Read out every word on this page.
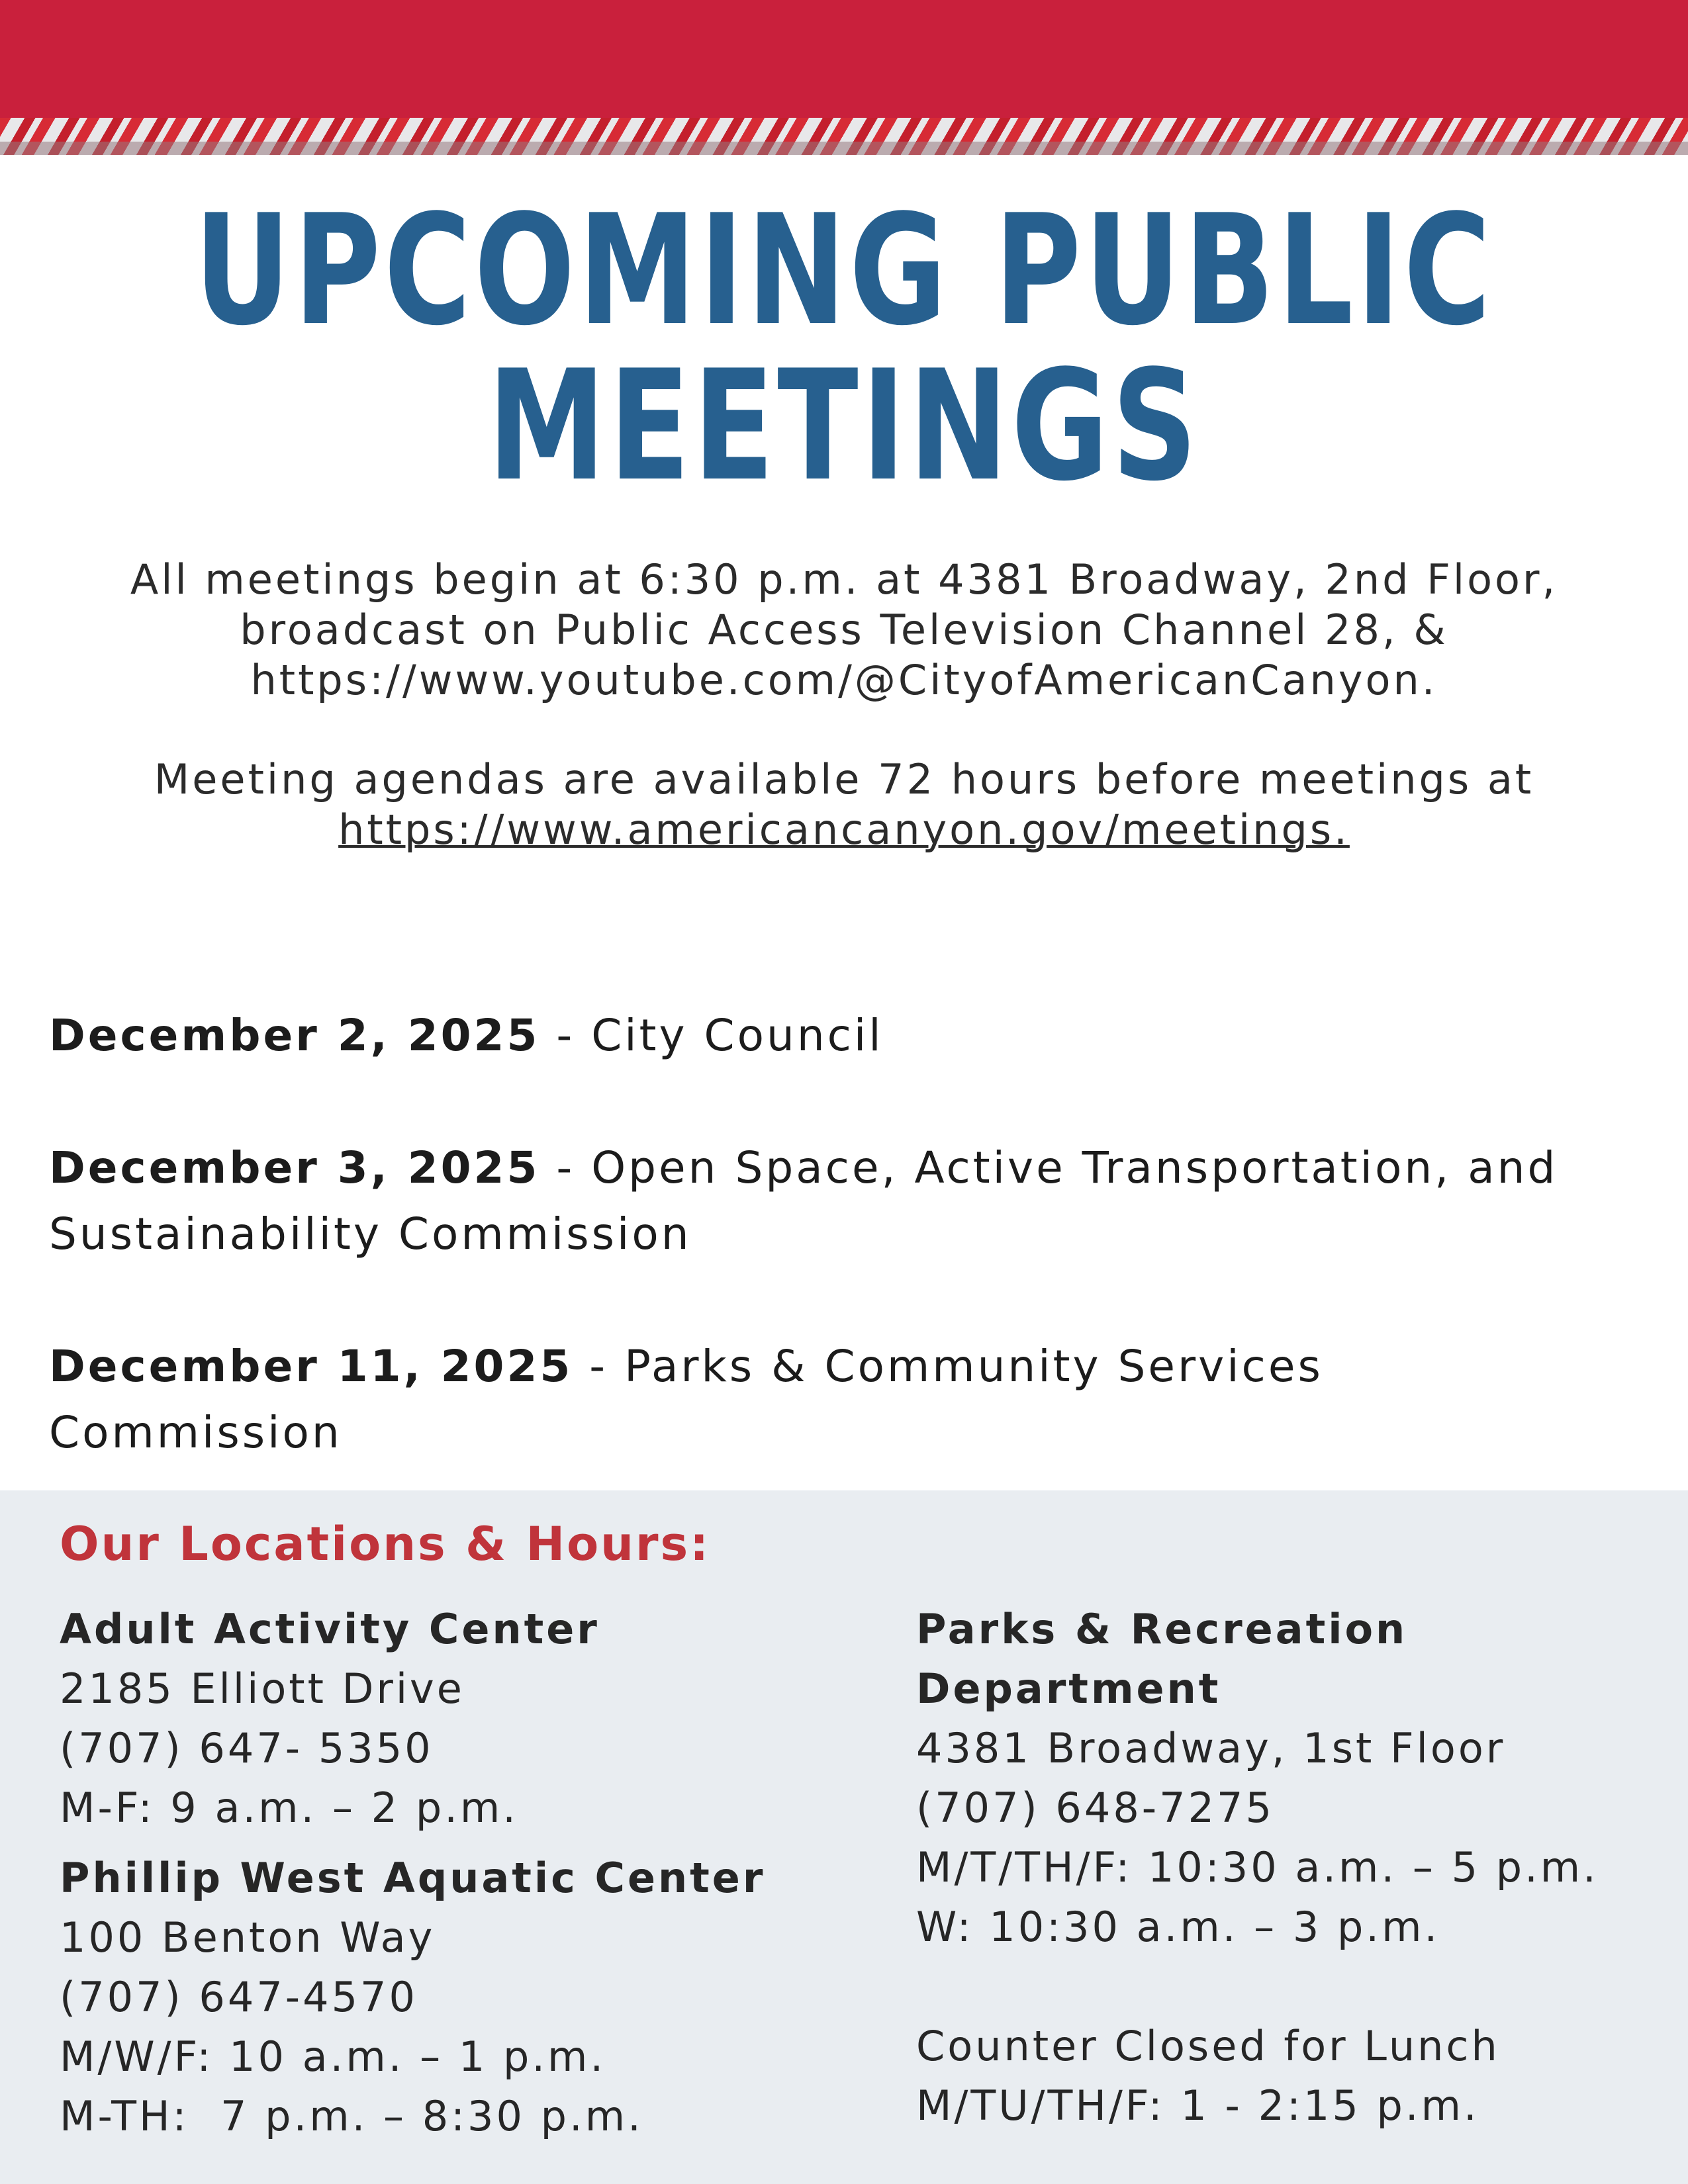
UPCOMING PUBLIC
MEETINGS

All meetings begin at 6:30 p.m. at 4381 Broadway, 2nd Floor,

broadcast on Public Access Television Channel 28, &

https://www.youtube.com/@CityofAmericanCanyon.

Meeting agendas are available 72 hours before meetings at

https://www.americancanyon.gov/meetings.

December 2, 2025 - City Council
December 3, 2025 - Open Space, Active Transportation, and Sustainability Commission
December 11, 2025 - Parks & Community Services Commission
Our Locations & Hours:
Adult Activity Center
2185 Elliott Drive
(707) 647- 5350
M-F: 9 a.m. – 2 p.m.
Phillip West Aquatic Center
100 Benton Way
(707) 647-4570
M/W/F: 10 a.m. – 1 p.m.
M-TH:  7 p.m. – 8:30 p.m.
Parks & Recreation Department
4381 Broadway, 1st Floor
(707) 648-7275
M/T/TH/F: 10:30 a.m. – 5 p.m.
W: 10:30 a.m. – 3 p.m.
Counter Closed for Lunch
M/TU/TH/F: 1 - 2:15 p.m.
